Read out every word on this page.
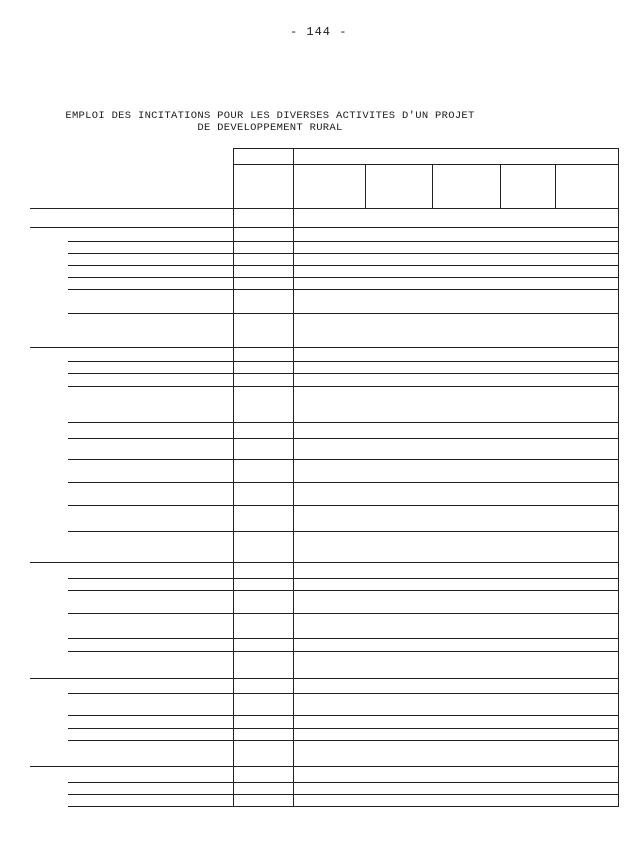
- 144 -
EMPLOI DES INCITATIONS POUR LES DIVERSES ACTIVITES D'UN PROJET
DE DEVELOPPEMENT RURAL
